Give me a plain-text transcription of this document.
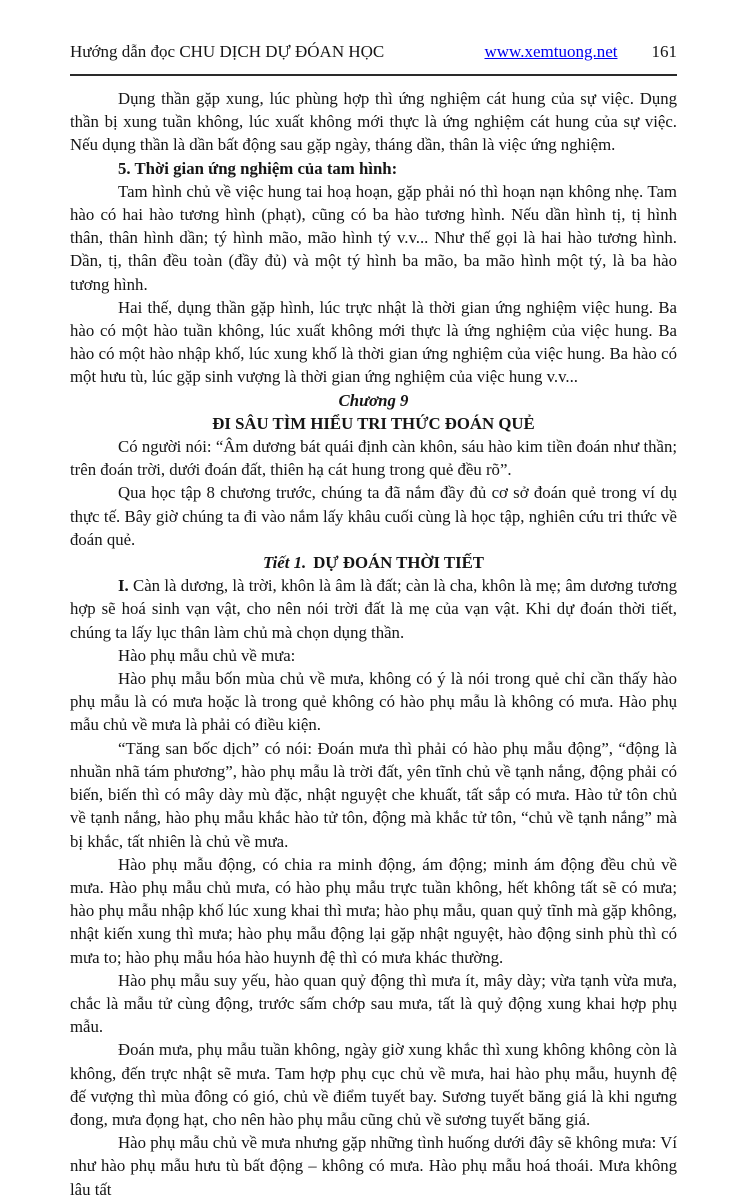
Hướng dẫn đọc CHU DỊCH DỰ ĐÓAN HỌC	www.xemtuong.net 161

Dụng thần gặp xung, lúc phùng hợp thì ứng nghiệm cát hung của sự việc. Dụng thần bị xung tuần không, lúc xuất không mới thực là ứng nghiệm cát hung của sự việc. Nếu dụng thần là dần bất động sau gặp ngày, tháng dần, thân là việc ứng nghiệm.

5. Thời gian ứng nghiệm của tam hình:

Tam hình chủ về việc hung tai hoạ hoạn, gặp phải nó thì hoạn nạn không nhẹ. Tam hào có hai hào tương hình (phạt), cũng có ba hào tương hình. Nếu dần hình tị, tị hình thân, thân hình dần; tý hình mão, mão hình tý v.v... Như thế gọi là hai hào tương hình. Dần, tị, thân đều toàn (đầy đủ) và một tý hình ba mão, ba mão hình một tý, là ba hào tương hình.

Hai thế, dụng thần gặp hình, lúc trực nhật là thời gian ứng nghiệm việc hung. Ba hào có một hào tuần không, lúc xuất không mới thực là ứng nghiệm của việc hung. Ba hào có một hào nhập khố, lúc xung khố là thời gian ứng nghiệm của việc hung. Ba hào có một hưu tù, lúc gặp sinh vượng là thời gian ứng nghiệm của việc hung v.v...

Chương 9

ĐI SÂU TÌM HIỂU TRI THỨC ĐOÁN QUẺ

Có người nói: “Âm dương bát quái định càn khôn, sáu hào kim tiền đoán như thần; trên đoán trời, dưới đoán đất, thiên hạ cát hung trong quẻ đều rõ”.

Qua học tập 8 chương trước, chúng ta đã nắm đầy đủ cơ sở đoán quẻ trong ví dụ thực tế. Bây giờ chúng ta đi vào nắm lấy khâu cuối cùng là học tập, nghiên cứu tri thức về đoán quẻ.

Tiết 1. DỰ ĐOÁN THỜI TIẾT

I. Càn là dương, là trời, khôn là âm là đất; càn là cha, khôn là mẹ; âm dương tương hợp sẽ hoá sinh vạn vật, cho nên nói trời đất là mẹ của vạn vật. Khi dự đoán thời tiết, chúng ta lấy lục thân làm chủ mà chọn dụng thần.

Hào phụ mẫu chủ về mưa:

Hào phụ mẫu bốn mùa chủ về mưa, không có ý là nói trong quẻ chỉ cần thấy hào phụ mẫu là có mưa hoặc là trong quẻ không có hào phụ mẫu là không có mưa. Hào phụ mẫu chủ về mưa là phải có điều kiện.

“Tăng san bốc dịch” có nói: Đoán mưa thì phải có hào phụ mẫu động”, “động là nhuần nhã tám phương”, hào phụ mẫu là trời đất, yên tĩnh chủ về tạnh nắng, động phải có biến, biến thì có mây dày mù đặc, nhật nguyệt che khuất, tất sắp có mưa. Hào tử tôn chủ về tạnh nắng, hào phụ mẫu khắc hào tử tôn, động mà khắc tử tôn, “chủ về tạnh nắng” mà bị khắc, tất nhiên là chủ về mưa.

Hào phụ mẫu động, có chia ra minh động, ám động; minh ám động đều chủ về mưa. Hào phụ mẫu chủ mưa, có hào phụ mẫu trực tuần không, hết không tất sẽ có mưa; hào phụ mẫu nhập khố lúc xung khai thì mưa; hào phụ mẫu, quan quỷ tĩnh mà gặp không, nhật kiến xung thì mưa; hào phụ mẫu động lại gặp nhật nguyệt, hào động sinh phù thì có mưa to; hào phụ mẫu hóa hào huynh đệ thì có mưa khác thường.

Hào phụ mẫu suy yếu, hào quan quỷ động thì mưa ít, mây dày; vừa tạnh vừa mưa, chắc là mẫu tử cùng động, trước sấm chớp sau mưa, tất là quỷ động xung khai hợp phụ mẫu.

Đoán mưa, phụ mẫu tuần không, ngày giờ xung khắc thì xung không không còn là không, đến trực nhật sẽ mưa. Tam hợp phụ cục chủ về mưa, hai hào phụ mẫu, huynh đệ đế vượng thì mùa đông có gió, chủ về điểm tuyết bay. Sương tuyết băng giá là khi ngưng đong, mưa đọng hạt, cho nên hào phụ mẫu cũng chủ về sương tuyết băng giá.

Hào phụ mẫu chủ về mưa nhưng gặp những tình huống dưới đây sẽ không mưa: Ví như hào phụ mẫu hưu tù bất động – không có mưa. Hào phụ mẫu hoá thoái. Mưa không lâu tất
